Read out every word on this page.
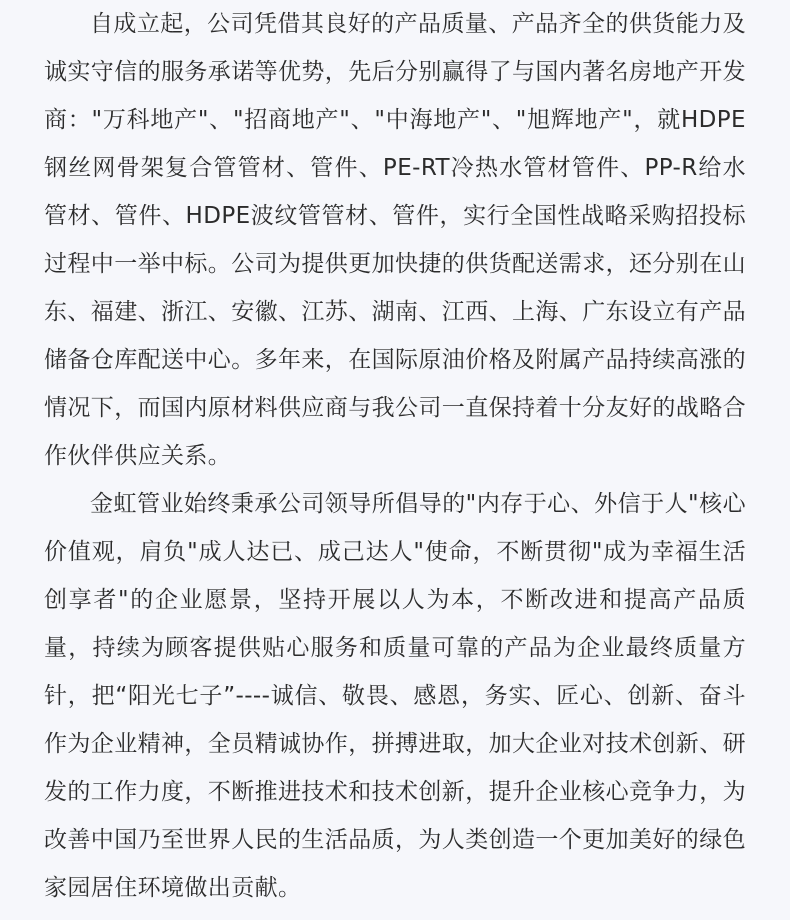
自成立起，公司凭借其良好的产品质量、产品齐全的供货能力及诚实守信的服务承诺等优势，先后分别赢得了与国内著名房地产开发商："万科地产"、"招商地产"、"中海地产"、"旭辉地产"，就HDPE钢丝网骨架复合管管材、管件、PE-RT冷热水管材管件、PP-R给水管材、管件、HDPE波纹管管材、管件，实行全国性战略采购招投标过程中一举中标。公司为提供更加快捷的供货配送需求，还分别在山东、福建、浙江、安徽、江苏、湖南、江西、上海、广东设立有产品储备仓库配送中心。多年来，在国际原油价格及附属产品持续高涨的情况下，而国内原材料供应商与我公司一直保持着十分友好的战略合作伙伴供应关系。

金虹管业始终秉承公司领导所倡导的"内存于心、外信于人"核心价值观，肩负"成人达已、成己达人"使命，不断贯彻"成为幸福生活创享者"的企业愿景，坚持开展以人为本，不断改进和提高产品质量，持续为顾客提供贴心服务和质量可靠的产品为企业最终质量方针，把“阳光七子”----诚信、敬畏、感恩，务实、匠心、创新、奋斗作为企业精神，全员精诚协作，拼搏进取，加大企业对技术创新、研发的工作力度，不断推进技术和技术创新，提升企业核心竞争力，为改善中国乃至世界人民的生活品质，为人类创造一个更加美好的绿色家园居住环境做出贡献。
